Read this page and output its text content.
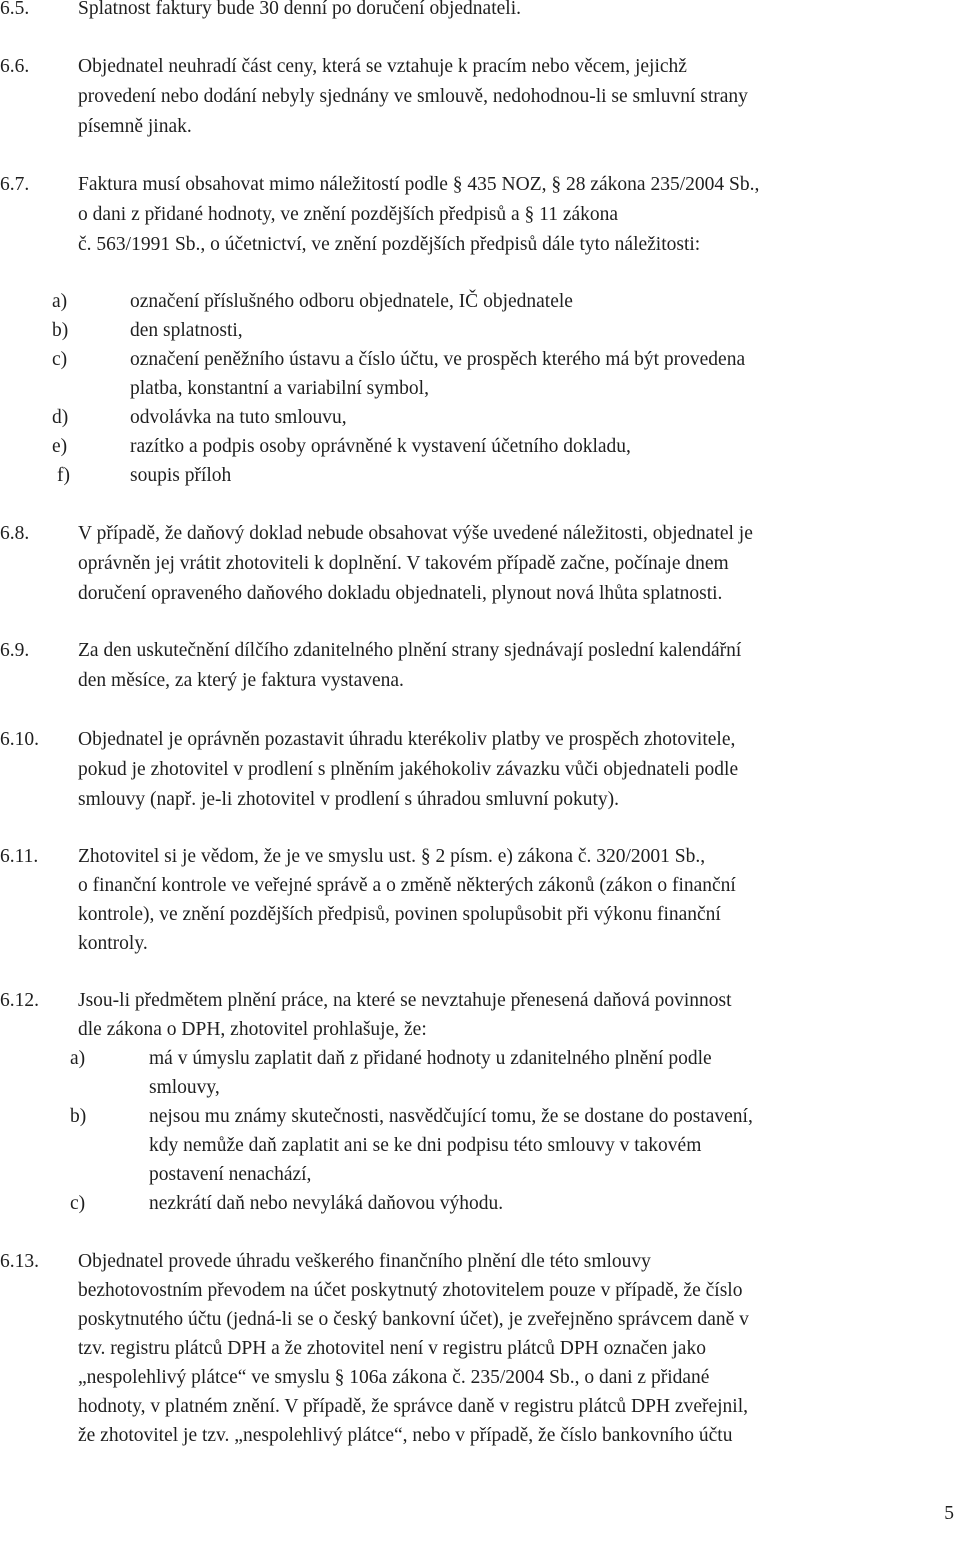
6.5.	Splatnost faktury bude 30 denní po doručení objednateli.
6.6.	Objednatel neuhradí část ceny, která se vztahuje k pracím nebo věcem, jejichž
provedení nebo dodání nebyly sjednány ve smlouvě, nedohodnou-li se smluvní strany
písemně jinak.
6.7.	Faktura musí obsahovat mimo náležitostí podle § 435 NOZ, § 28 zákona 235/2004 Sb.,
o dani z přidané hodnoty, ve znění pozdějších předpisů a § 11 zákona
č. 563/1991 Sb., o účetnictví, ve znění pozdějších předpisů dále tyto náležitosti:
a)	označení příslušného odboru objednatele, IČ objednatele
b)	den splatnosti,
c)	označení peněžního ústavu a číslo účtu, ve prospěch kterého má být provedena
platba, konstantní a variabilní symbol,
d)	odvolávka na tuto smlouvu,
e)	razítko a podpis osoby oprávněné k vystavení účetního dokladu,
f)	soupis příloh
6.8.	V případě, že daňový doklad nebude obsahovat výše uvedené náležitosti, objednatel je
oprávněn jej vrátit zhotoviteli k doplnění. V takovém případě začne, počínaje dnem
doručení opraveného daňového dokladu objednateli, plynout nová lhůta splatnosti.
6.9.	Za den uskutečnění dílčího zdanitelného plnění strany sjednávají poslední kalendářní
den měsíce, za který je faktura vystavena.
6.10. Objednatel je oprávněn pozastavit úhradu kterékoliv platby ve prospěch zhotovitele,
pokud je zhotovitel v prodlení s plněním jakéhokoliv závazku vůči objednateli podle
smlouvy (např. je-li zhotovitel v prodlení s úhradou smluvní pokuty).
6.11. Zhotovitel si je vědom, že je ve smyslu ust. § 2 písm. e) zákona č. 320/2001 Sb.,
o finanční kontrole ve veřejné správě a o změně některých zákonů (zákon o finanční
kontrole), ve znění pozdějších předpisů, povinen spolupůsobit při výkonu finanční
kontroly.
6.12. Jsou-li předmětem plnění práce, na které se nevztahuje přenesená daňová povinnost
dle zákona o DPH, zhotovitel prohlašuje, že:
a)	má v úmyslu zaplatit daň z přidané hodnoty u zdanitelného plnění podle
smlouvy,
b)	nejsou mu známy skutečnosti, nasvědčující tomu, že se dostane do postavení,
kdy nemůže daň zaplatit ani se ke dni podpisu této smlouvy v takovém
postavení nenachází,
c)	nezkrátí daň nebo nevyláká daňovou výhodu.
6.13. Objednatel provede úhradu veškerého finančního plnění dle této smlouvy
bezhotovostním převodem na účet poskytnutý zhotovitelem pouze v případě, že číslo
poskytnutého účtu (jedná-li se o český bankovní účet), je zveřejněno správcem daně v
tzv. registru plátců DPH a že zhotovitel není v registru plátců DPH označen jako
„nespolehlivý plátce“ ve smyslu § 106a zákona č. 235/2004 Sb., o dani z přidané
hodnoty, v platném znění. V případě, že správce daně v registru plátců DPH zveřejnil,
že zhotovitel je tzv. „nespolehlivý plátce“, nebo v případě, že číslo bankovního účtu
5
